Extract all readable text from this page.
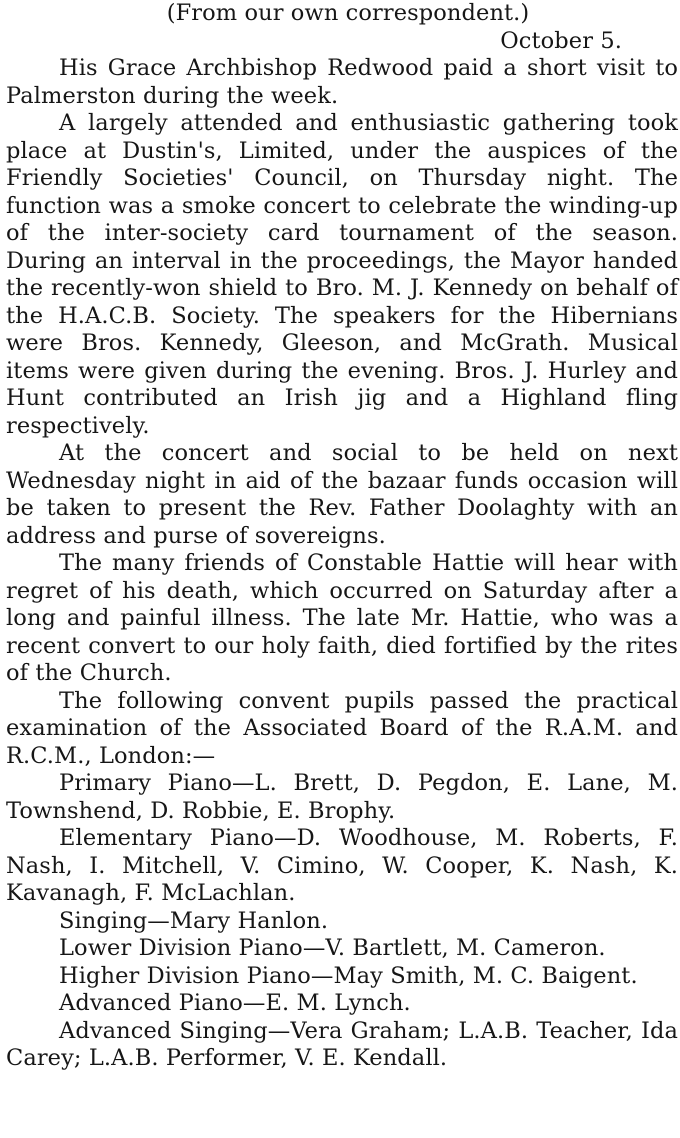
(From our own correspondent.)

October 5.

His Grace Archbishop Redwood paid a short visit to Palmerston during the week.

A largely attended and enthusiastic gathering took place at Dustin's, Limited, under the auspices of the Friendly Societies' Council, on Thursday night. The function was a smoke concert to celebrate the winding-up of the inter-society card tournament of the season. During an interval in the proceedings, the Mayor handed the recently-won shield to Bro. M. J. Kennedy on behalf of the H.A.C.B. Society. The speakers for the Hibernians were Bros. Kennedy, Gleeson, and McGrath. Musical items were given during the evening. Bros. J. Hurley and Hunt contributed an Irish jig and a Highland fling respectively.

At the concert and social to be held on next Wednesday night in aid of the bazaar funds occasion will be taken to present the Rev. Father Doolaghty with an address and purse of sovereigns.

The many friends of Constable Hattie will hear with regret of his death, which occurred on Saturday after a long and painful illness. The late Mr. Hattie, who was a recent convert to our holy faith, died fortified by the rites of the Church.

The following convent pupils passed the practical examination of the Associated Board of the R.A.M. and R.C.M., London:—

Primary Piano—L. Brett, D. Pegdon, E. Lane, M. Townshend, D. Robbie, E. Brophy.

Elementary Piano—D. Woodhouse, M. Roberts, F. Nash, I. Mitchell, V. Cimino, W. Cooper, K. Nash, K. Kavanagh, F. McLachlan.

Singing—Mary Hanlon.

Lower Division Piano—V. Bartlett, M. Cameron.

Higher Division Piano—May Smith, M. C. Baigent.

Advanced Piano—E. M. Lynch.

Advanced Singing—Vera Graham; L.A.B. Teacher, Ida Carey; L.A.B. Performer, V. E. Kendall.
